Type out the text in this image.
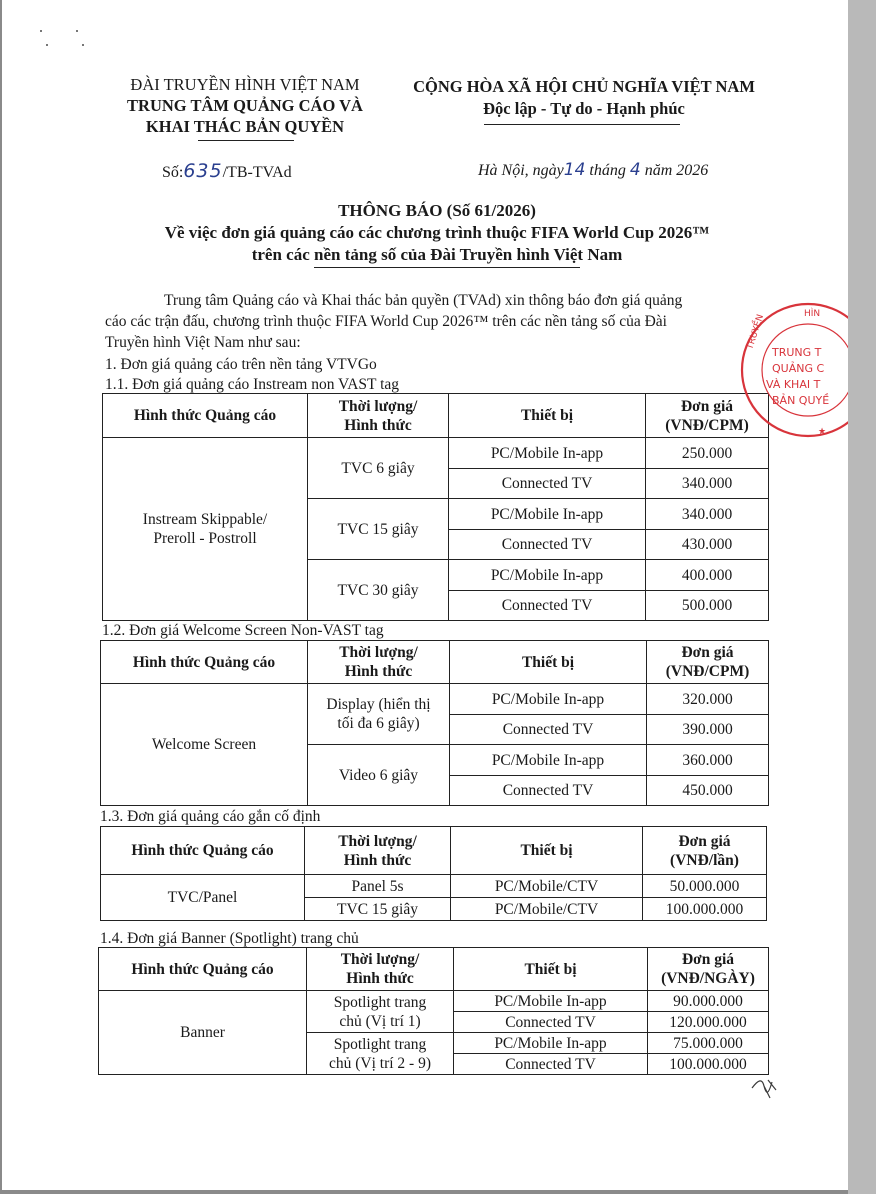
ĐÀI TRUYỀN HÌNH VIỆT NAM
TRUNG TÂM QUẢNG CÁO VÀ
KHAI THÁC BẢN QUYỀN
CỘNG HÒA XÃ HỘI CHỦ NGHĨA VIỆT NAM
Độc lập - Tự do - Hạnh phúc
Số:635/TB-TVAd	Hà Nội, ngày14 tháng 4 năm 2026
THÔNG BÁO (Số 61/2026)
Về việc đơn giá quảng cáo các chương trình thuộc FIFA World Cup 2026™
trên các nền tảng số của Đài Truyền hình Việt Nam
Trung tâm Quảng cáo và Khai thác bản quyền (TVAd) xin thông báo đơn giá quảng
cáo các trận đấu, chương trình thuộc FIFA World Cup 2026™ trên các nền tảng số của Đài
Truyền hình Việt Nam như sau:
1. Đơn giá quảng cáo trên nền tảng VTVGo
1.1. Đơn giá quảng cáo Instream non VAST tag
Hình thức Quảng cáo	Thời lượng/
Hình thức	Thiết bị	Đơn giá
(VNĐ/CPM)
Instream Skippable/
Preroll - Postroll	TVC 6 giây	PC/Mobile In-app	250.000
		Connected TV	340.000
	TVC 15 giây	PC/Mobile In-app	340.000
		Connected TV	430.000
	TVC 30 giây	PC/Mobile In-app	400.000
		Connected TV	500.000
1.2. Đơn giá Welcome Screen Non-VAST tag
Hình thức Quảng cáo	Thời lượng/
Hình thức	Thiết bị	Đơn giá
(VNĐ/CPM)
Welcome Screen	Display (hiển thị
tối đa 6 giây)	PC/Mobile In-app	320.000
		Connected TV	390.000
	Video 6 giây	PC/Mobile In-app	360.000
		Connected TV	450.000
1.3. Đơn giá quảng cáo gắn cố định
Hình thức Quảng cáo	Thời lượng/
Hình thức	Thiết bị	Đơn giá
(VNĐ/lần)
TVC/Panel	Panel 5s	PC/Mobile/CTV	50.000.000
	TVC 15 giây	PC/Mobile/CTV	100.000.000
1.4. Đơn giá Banner (Spotlight) trang chủ
Hình thức Quảng cáo	Thời lượng/
Hình thức	Thiết bị	Đơn giá
(VNĐ/NGÀY)
Banner	Spotlight trang
chủ (Vị trí 1)	PC/Mobile In-app	90.000.000
		Connected TV	120.000.000
	Spotlight trang
chủ (Vị trí 2 - 9)	PC/Mobile In-app	75.000.000
		Connected TV	100.000.000
TRUNG T
QUẢNG C
VÀ KHAI T
BẢN QUYỀ
TRUYỀN	HÌN
★
